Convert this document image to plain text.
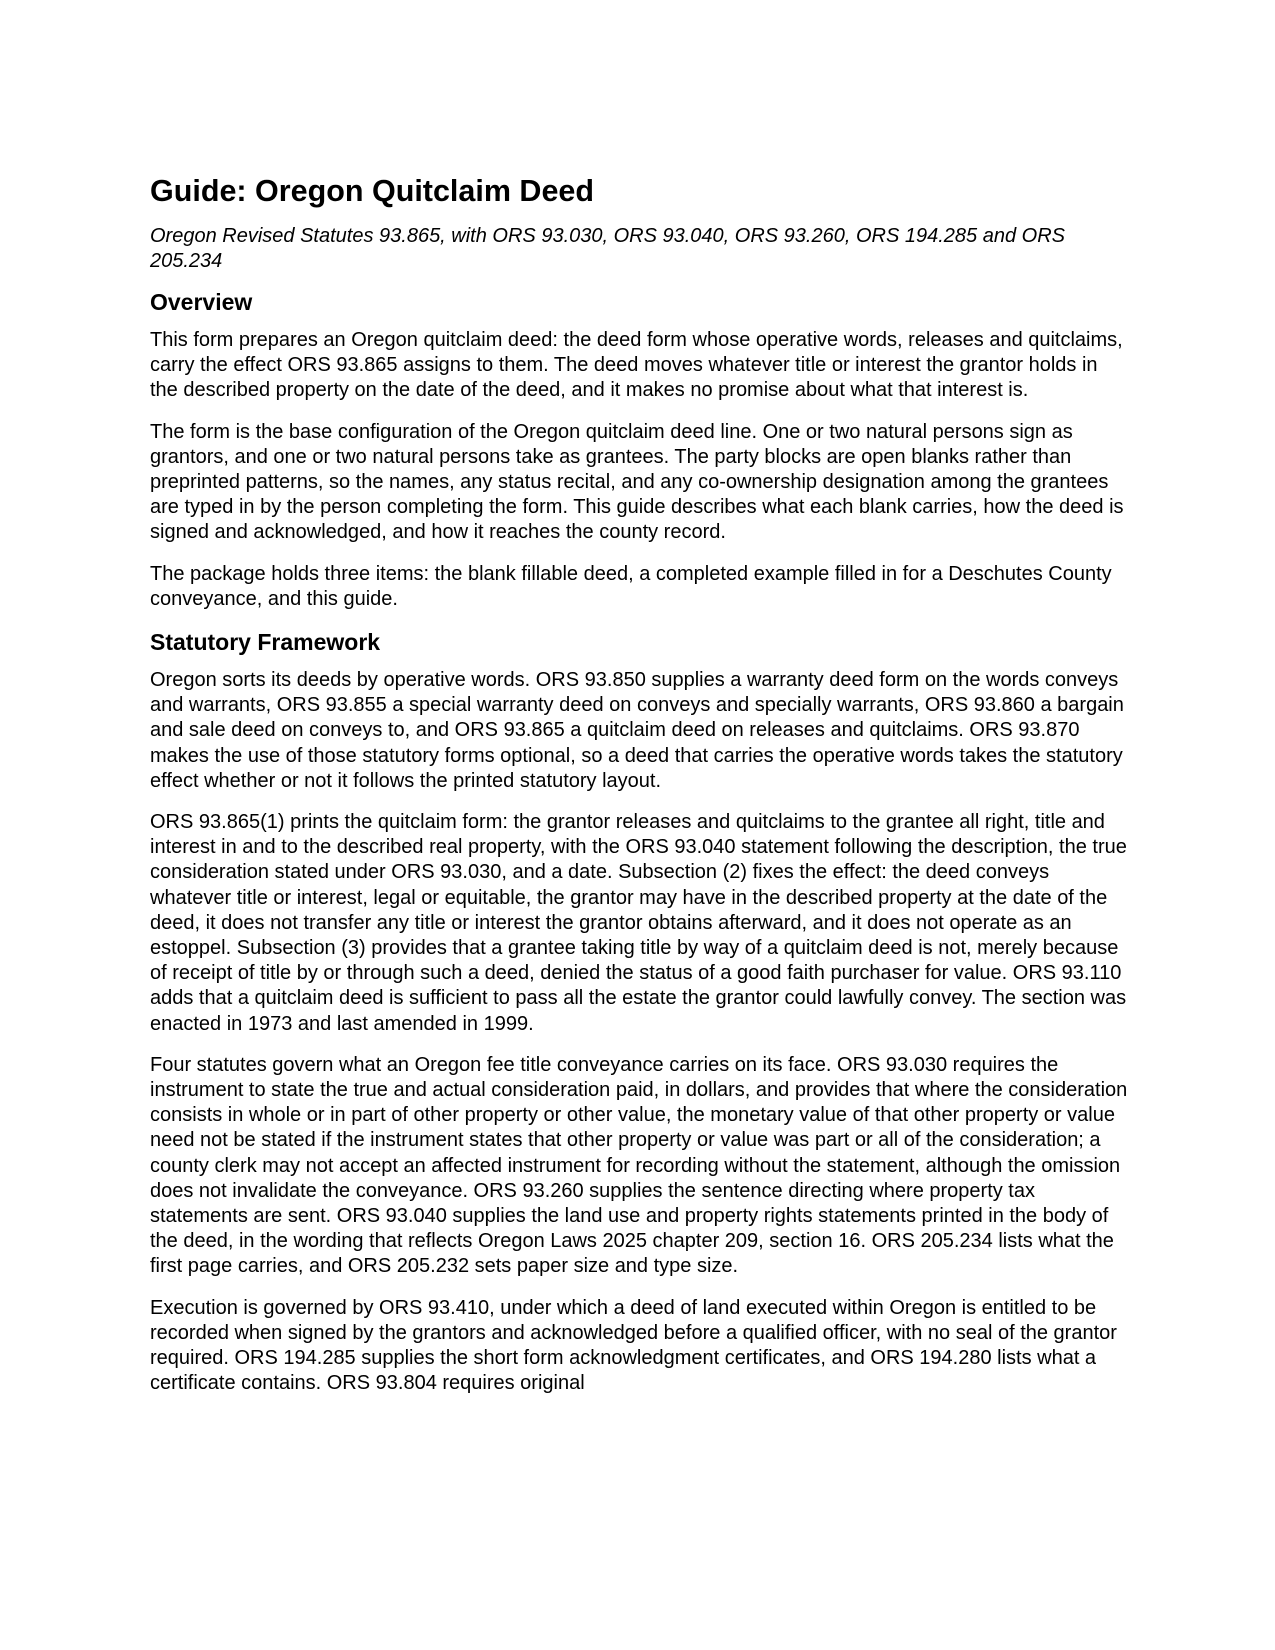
Guide: Oregon Quitclaim Deed

Oregon Revised Statutes 93.865, with ORS 93.030, ORS 93.040, ORS 93.260, ORS 194.285 and ORS 205.234

Overview

This form prepares an Oregon quitclaim deed: the deed form whose operative words, releases and quitclaims, carry the effect ORS 93.865 assigns to them. The deed moves whatever title or interest the grantor holds in the described property on the date of the deed, and it makes no promise about what that interest is.

The form is the base configuration of the Oregon quitclaim deed line. One or two natural persons sign as grantors, and one or two natural persons take as grantees. The party blocks are open blanks rather than preprinted patterns, so the names, any status recital, and any co-ownership designation among the grantees are typed in by the person completing the form. This guide describes what each blank carries, how the deed is signed and acknowledged, and how it reaches the county record.

The package holds three items: the blank fillable deed, a completed example filled in for a Deschutes County conveyance, and this guide.

Statutory Framework

Oregon sorts its deeds by operative words. ORS 93.850 supplies a warranty deed form on the words conveys and warrants, ORS 93.855 a special warranty deed on conveys and specially warrants, ORS 93.860 a bargain and sale deed on conveys to, and ORS 93.865 a quitclaim deed on releases and quitclaims. ORS 93.870 makes the use of those statutory forms optional, so a deed that carries the operative words takes the statutory effect whether or not it follows the printed statutory layout.

ORS 93.865(1) prints the quitclaim form: the grantor releases and quitclaims to the grantee all right, title and interest in and to the described real property, with the ORS 93.040 statement following the description, the true consideration stated under ORS 93.030, and a date. Subsection (2) fixes the effect: the deed conveys whatever title or interest, legal or equitable, the grantor may have in the described property at the date of the deed, it does not transfer any title or interest the grantor obtains afterward, and it does not operate as an estoppel. Subsection (3) provides that a grantee taking title by way of a quitclaim deed is not, merely because of receipt of title by or through such a deed, denied the status of a good faith purchaser for value. ORS 93.110 adds that a quitclaim deed is sufficient to pass all the estate the grantor could lawfully convey. The section was enacted in 1973 and last amended in 1999.

Four statutes govern what an Oregon fee title conveyance carries on its face. ORS 93.030 requires the instrument to state the true and actual consideration paid, in dollars, and provides that where the consideration consists in whole or in part of other property or other value, the monetary value of that other property or value need not be stated if the instrument states that other property or value was part or all of the consideration; a county clerk may not accept an affected instrument for recording without the statement, although the omission does not invalidate the conveyance. ORS 93.260 supplies the sentence directing where property tax statements are sent. ORS 93.040 supplies the land use and property rights statements printed in the body of the deed, in the wording that reflects Oregon Laws 2025 chapter 209, section 16. ORS 205.234 lists what the first page carries, and ORS 205.232 sets paper size and type size.

Execution is governed by ORS 93.410, under which a deed of land executed within Oregon is entitled to be recorded when signed by the grantors and acknowledged before a qualified officer, with no seal of the grantor required. ORS 194.285 supplies the short form acknowledgment certificates, and ORS 194.280 lists what a certificate contains. ORS 93.804 requires original
